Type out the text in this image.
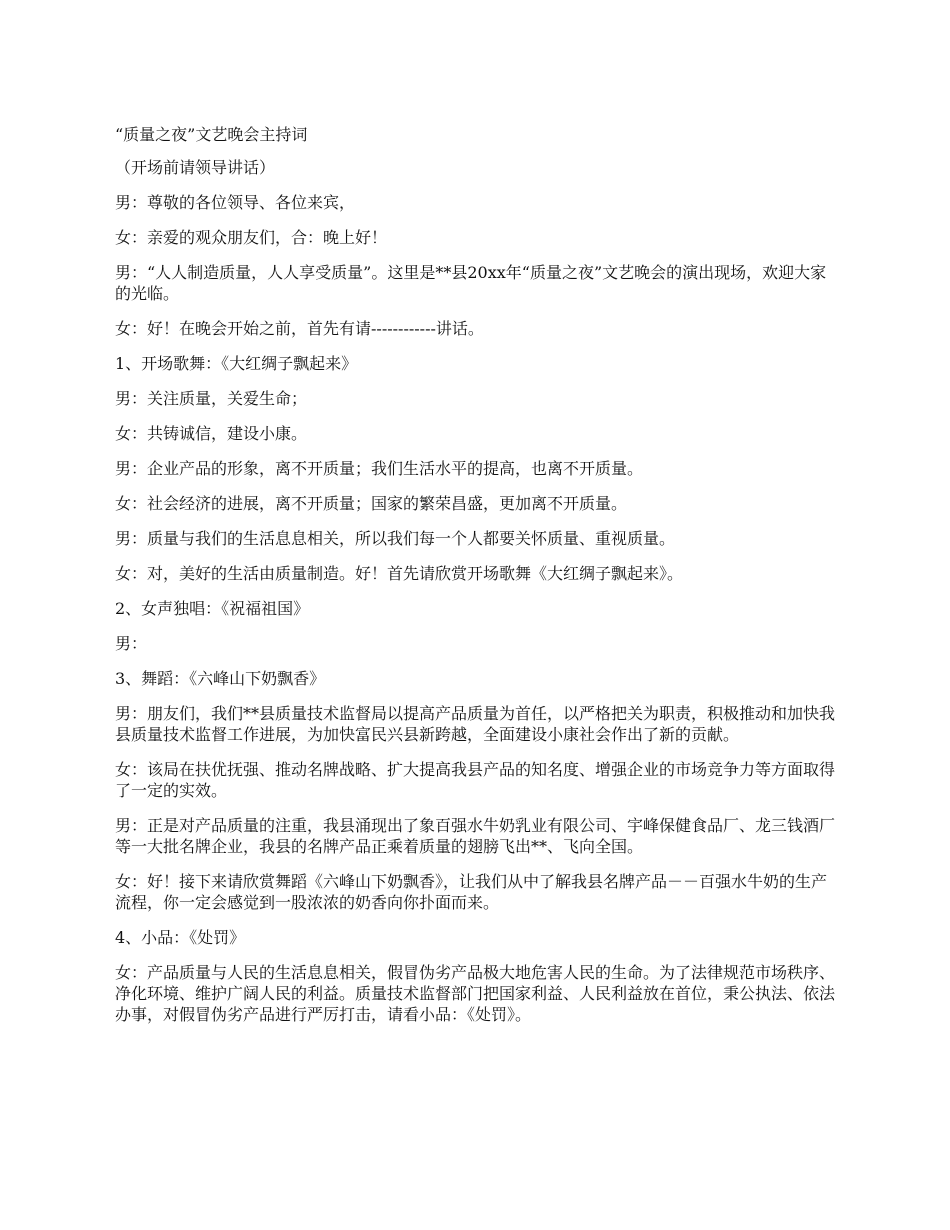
“质量之夜”文艺晚会主持词

（开场前请领导讲话）

男：尊敬的各位领导、各位来宾，

女：亲爱的观众朋友们，合：晚上好！

男：“人人制造质量，人人享受质量”。这里是**县20xx年“质量之夜”文艺晚会的演出现场，欢迎大家的光临。

女：好！在晚会开始之前，首先有请------------讲话。

1、开场歌舞：《大红绸子飘起来》

男：关注质量，关爱生命；

女：共铸诚信，建设小康。

男：企业产品的形象，离不开质量；我们生活水平的提高，也离不开质量。

女：社会经济的进展，离不开质量；国家的繁荣昌盛，更加离不开质量。

男：质量与我们的生活息息相关，所以我们每一个人都要关怀质量、重视质量。

女：对，美好的生活由质量制造。好！首先请欣赏开场歌舞《大红绸子飘起来》。

2、女声独唱：《祝福祖国》

男：

3、舞蹈：《六峰山下奶飘香》

男：朋友们，我们**县质量技术监督局以提高产品质量为首任，以严格把关为职责，积极推动和加快我县质量技术监督工作进展，为加快富民兴县新跨越，全面建设小康社会作出了新的贡献。

女：该局在扶优抚强、推动名牌战略、扩大提高我县产品的知名度、增强企业的市场竞争力等方面取得了一定的实效。

男：正是对产品质量的注重，我县涌现出了象百强水牛奶乳业有限公司、宇峰保健食品厂、龙三钱酒厂等一大批名牌企业，我县的名牌产品正乘着质量的翅膀飞出**、飞向全国。

女：好！接下来请欣赏舞蹈《六峰山下奶飘香》，让我们从中了解我县名牌产品－－百强水牛奶的生产流程，你一定会感觉到一股浓浓的奶香向你扑面而来。

4、小品：《处罚》

女：产品质量与人民的生活息息相关，假冒伪劣产品极大地危害人民的生命。为了法律规范市场秩序、净化环境、维护广阔人民的利益。质量技术监督部门把国家利益、人民利益放在首位，秉公执法、依法办事，对假冒伪劣产品进行严厉打击，请看小品：《处罚》。
